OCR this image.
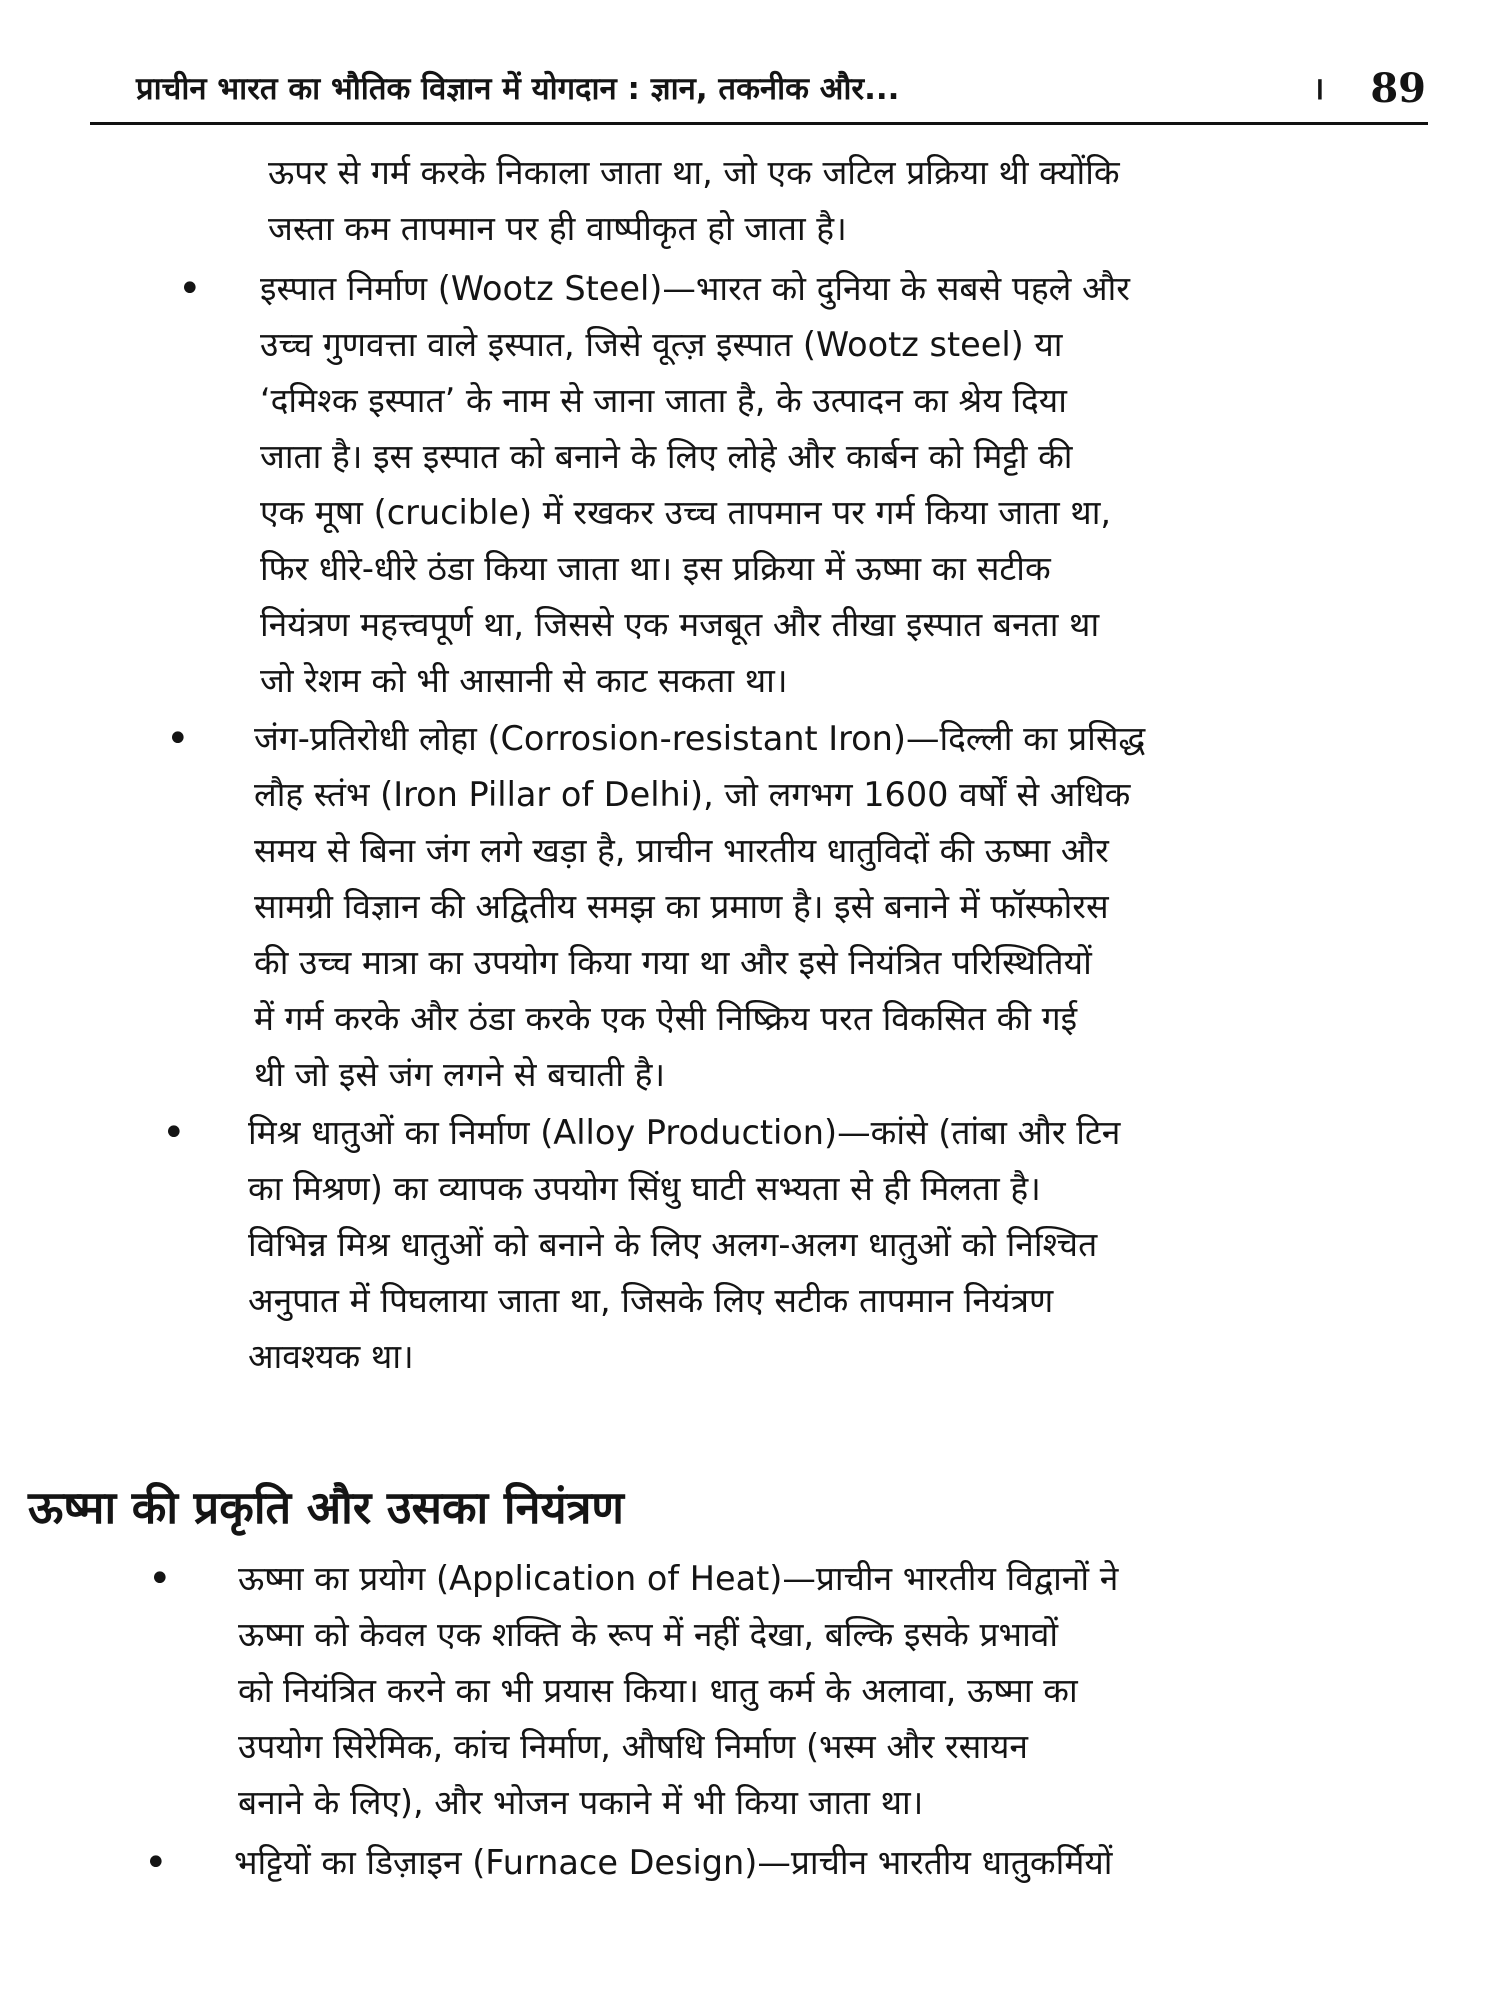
प्राचीन भारत का भौतिक विज्ञान में योगदान : ज्ञान, तकनीक और...	। 89
ऊपर से गर्म करके निकाला जाता था, जो एक जटिल प्रक्रिया थी क्योंकि
जस्ता कम तापमान पर ही वाष्पीकृत हो जाता है।
• इस्पात निर्माण (Wootz Steel)—भारत को दुनिया के सबसे पहले और
उच्च गुणवत्ता वाले इस्पात, जिसे वूत्ज़ इस्पात (Wootz steel) या
‘दमिश्क इस्पात’ के नाम से जाना जाता है, के उत्पादन का श्रेय दिया
जाता है। इस इस्पात को बनाने के लिए लोहे और कार्बन को मिट्टी की
एक मूषा (crucible) में रखकर उच्च तापमान पर गर्म किया जाता था,
फिर धीरे-धीरे ठंडा किया जाता था। इस प्रक्रिया में ऊष्मा का सटीक
नियंत्रण महत्त्वपूर्ण था, जिससे एक मजबूत और तीखा इस्पात बनता था
जो रेशम को भी आसानी से काट सकता था।
• जंग-प्रतिरोधी लोहा (Corrosion-resistant Iron)—दिल्ली का प्रसिद्ध
लौह स्तंभ (Iron Pillar of Delhi), जो लगभग 1600 वर्षों से अधिक
समय से बिना जंग लगे खड़ा है, प्राचीन भारतीय धातुविदों की ऊष्मा और
सामग्री विज्ञान की अद्वितीय समझ का प्रमाण है। इसे बनाने में फॉस्फोरस
की उच्च मात्रा का उपयोग किया गया था और इसे नियंत्रित परिस्थितियों
में गर्म करके और ठंडा करके एक ऐसी निष्क्रिय परत विकसित की गई
थी जो इसे जंग लगने से बचाती है।
• मिश्र धातुओं का निर्माण (Alloy Production)—कांसे (तांबा और टिन
का मिश्रण) का व्यापक उपयोग सिंधु घाटी सभ्यता से ही मिलता है।
विभिन्न मिश्र धातुओं को बनाने के लिए अलग-अलग धातुओं को निश्चित
अनुपात में पिघलाया जाता था, जिसके लिए सटीक तापमान नियंत्रण
आवश्यक था।
• ऊष्मा का प्रयोग (Application of Heat)—प्राचीन भारतीय विद्वानों ने
ऊष्मा को केवल एक शक्ति के रूप में नहीं देखा, बल्कि इसके प्रभावों
को नियंत्रित करने का भी प्रयास किया। धातु कर्म के अलावा, ऊष्मा का
उपयोग सिरेमिक, कांच निर्माण, औषधि निर्माण (भस्म और रसायन
बनाने के लिए), और भोजन पकाने में भी किया जाता था।
• भट्टियों का डिज़ाइन (Furnace Design)—प्राचीन भारतीय धातुकर्मियों
ऊष्मा की प्रकृति और उसका नियंत्रण
